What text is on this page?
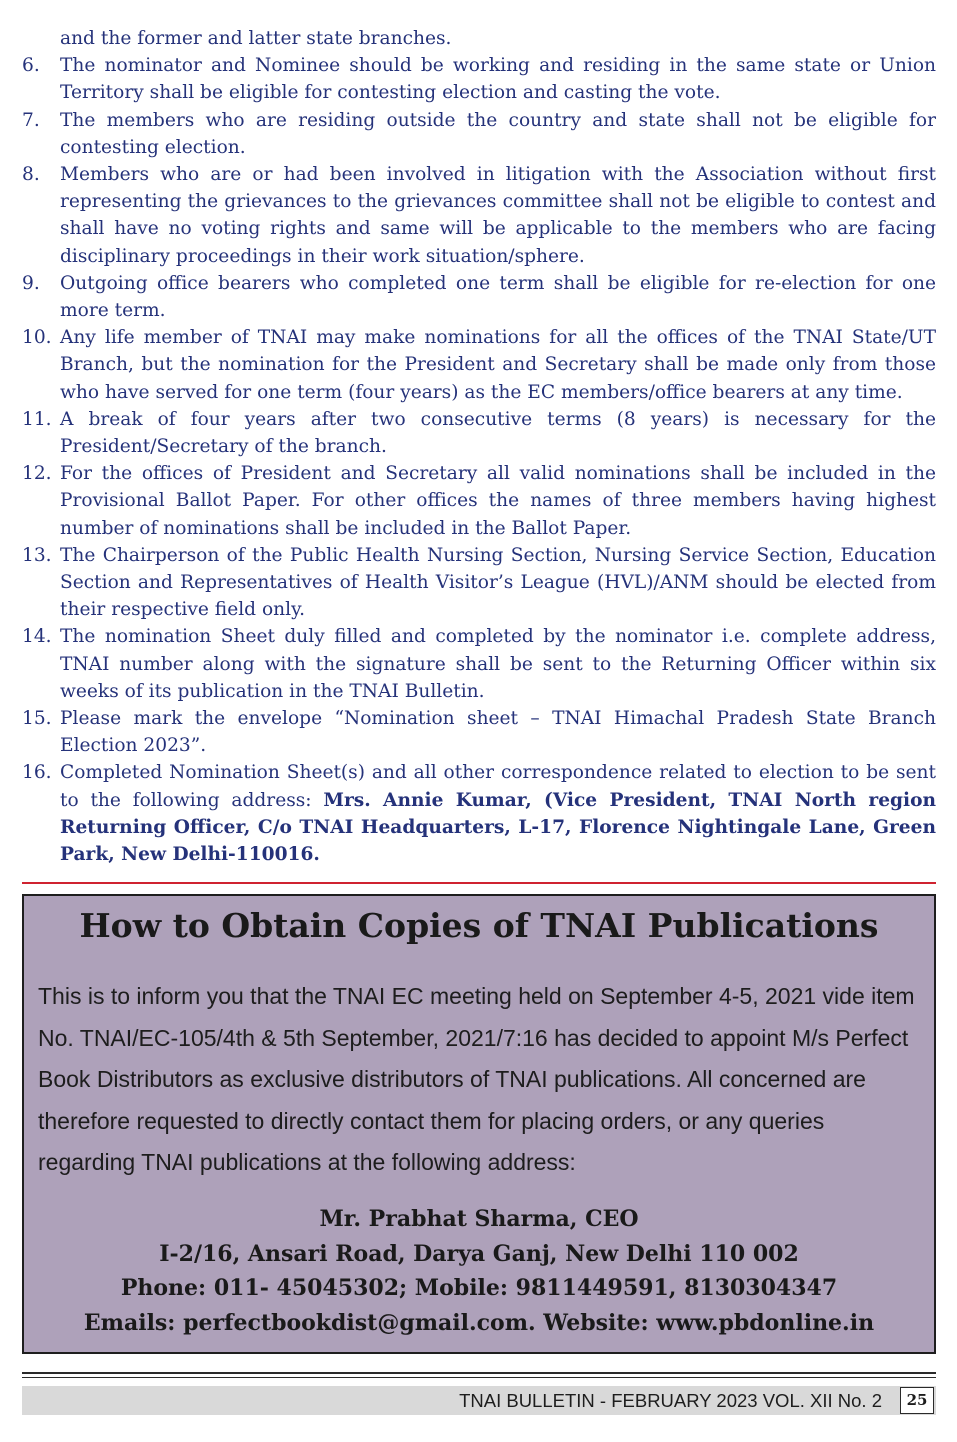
and the former and latter state branches.
6.	The nominator and Nominee should be working and residing in the same state or Union Territory shall be eligible for contesting election and casting the vote.
7.	The members who are residing outside the country and state shall not be eligible for contesting election.
8.	Members who are or had been involved in litigation with the Association without first representing the grievances to the grievances committee shall not be eligible to contest and shall have no voting rights and same will be applicable to the members who are facing disciplinary proceedings in their work situation/sphere.
9.	Outgoing office bearers who completed one term shall be eligible for re-election for one more term.
10. Any life member of TNAI may make nominations for all the offices of the TNAI State/UT Branch, but the nomination for the President and Secretary shall be made only from those who have served for one term (four years) as the EC members/office bearers at any time.
11. A break of four years after two consecutive terms (8 years) is necessary for the President/Secretary of the branch.
12. For the offices of President and Secretary all valid nominations shall be included in the Provisional Ballot Paper. For other offices the names of three members having highest number of nominations shall be included in the Ballot Paper.
13. The Chairperson of the Public Health Nursing Section, Nursing Service Section, Education Section and Representatives of Health Visitor’s League (HVL)/ANM should be elected from their respective field only.
14. The nomination Sheet duly filled and completed by the nominator i.e. complete address, TNAI number along with the signature shall be sent to the Returning Officer within six weeks of its publication in the TNAI Bulletin.
15. Please mark the envelope “Nomination sheet – TNAI Himachal Pradesh State Branch Election 2023”.
16. Completed Nomination Sheet(s) and all other correspondence related to election to be sent to the following address: Mrs. Annie Kumar, (Vice President, TNAI North region Returning Officer, C/o TNAI Headquarters, L-17, Florence Nightingale Lane, Green Park, New Delhi-110016.
How to Obtain Copies of TNAI Publications
This is to inform you that the TNAI EC meeting held on September 4-5, 2021 vide item No. TNAI/EC-105/4th & 5th September, 2021/7:16 has decided to appoint M/s Perfect Book Distributors as exclusive distributors of TNAI publications. All concerned are therefore requested to directly contact them for placing orders, or any queries regarding TNAI publications at the following address:
Mr. Prabhat Sharma, CEO
I-2/16, Ansari Road, Darya Ganj, New Delhi 110 002
Phone: 011- 45045302; Mobile: 9811449591, 8130304347
Emails: perfectbookdist@gmail.com. Website: www.pbdonline.in
TNAI BULLETIN - FEBRUARY 2023 VOL. XII No. 2	25
